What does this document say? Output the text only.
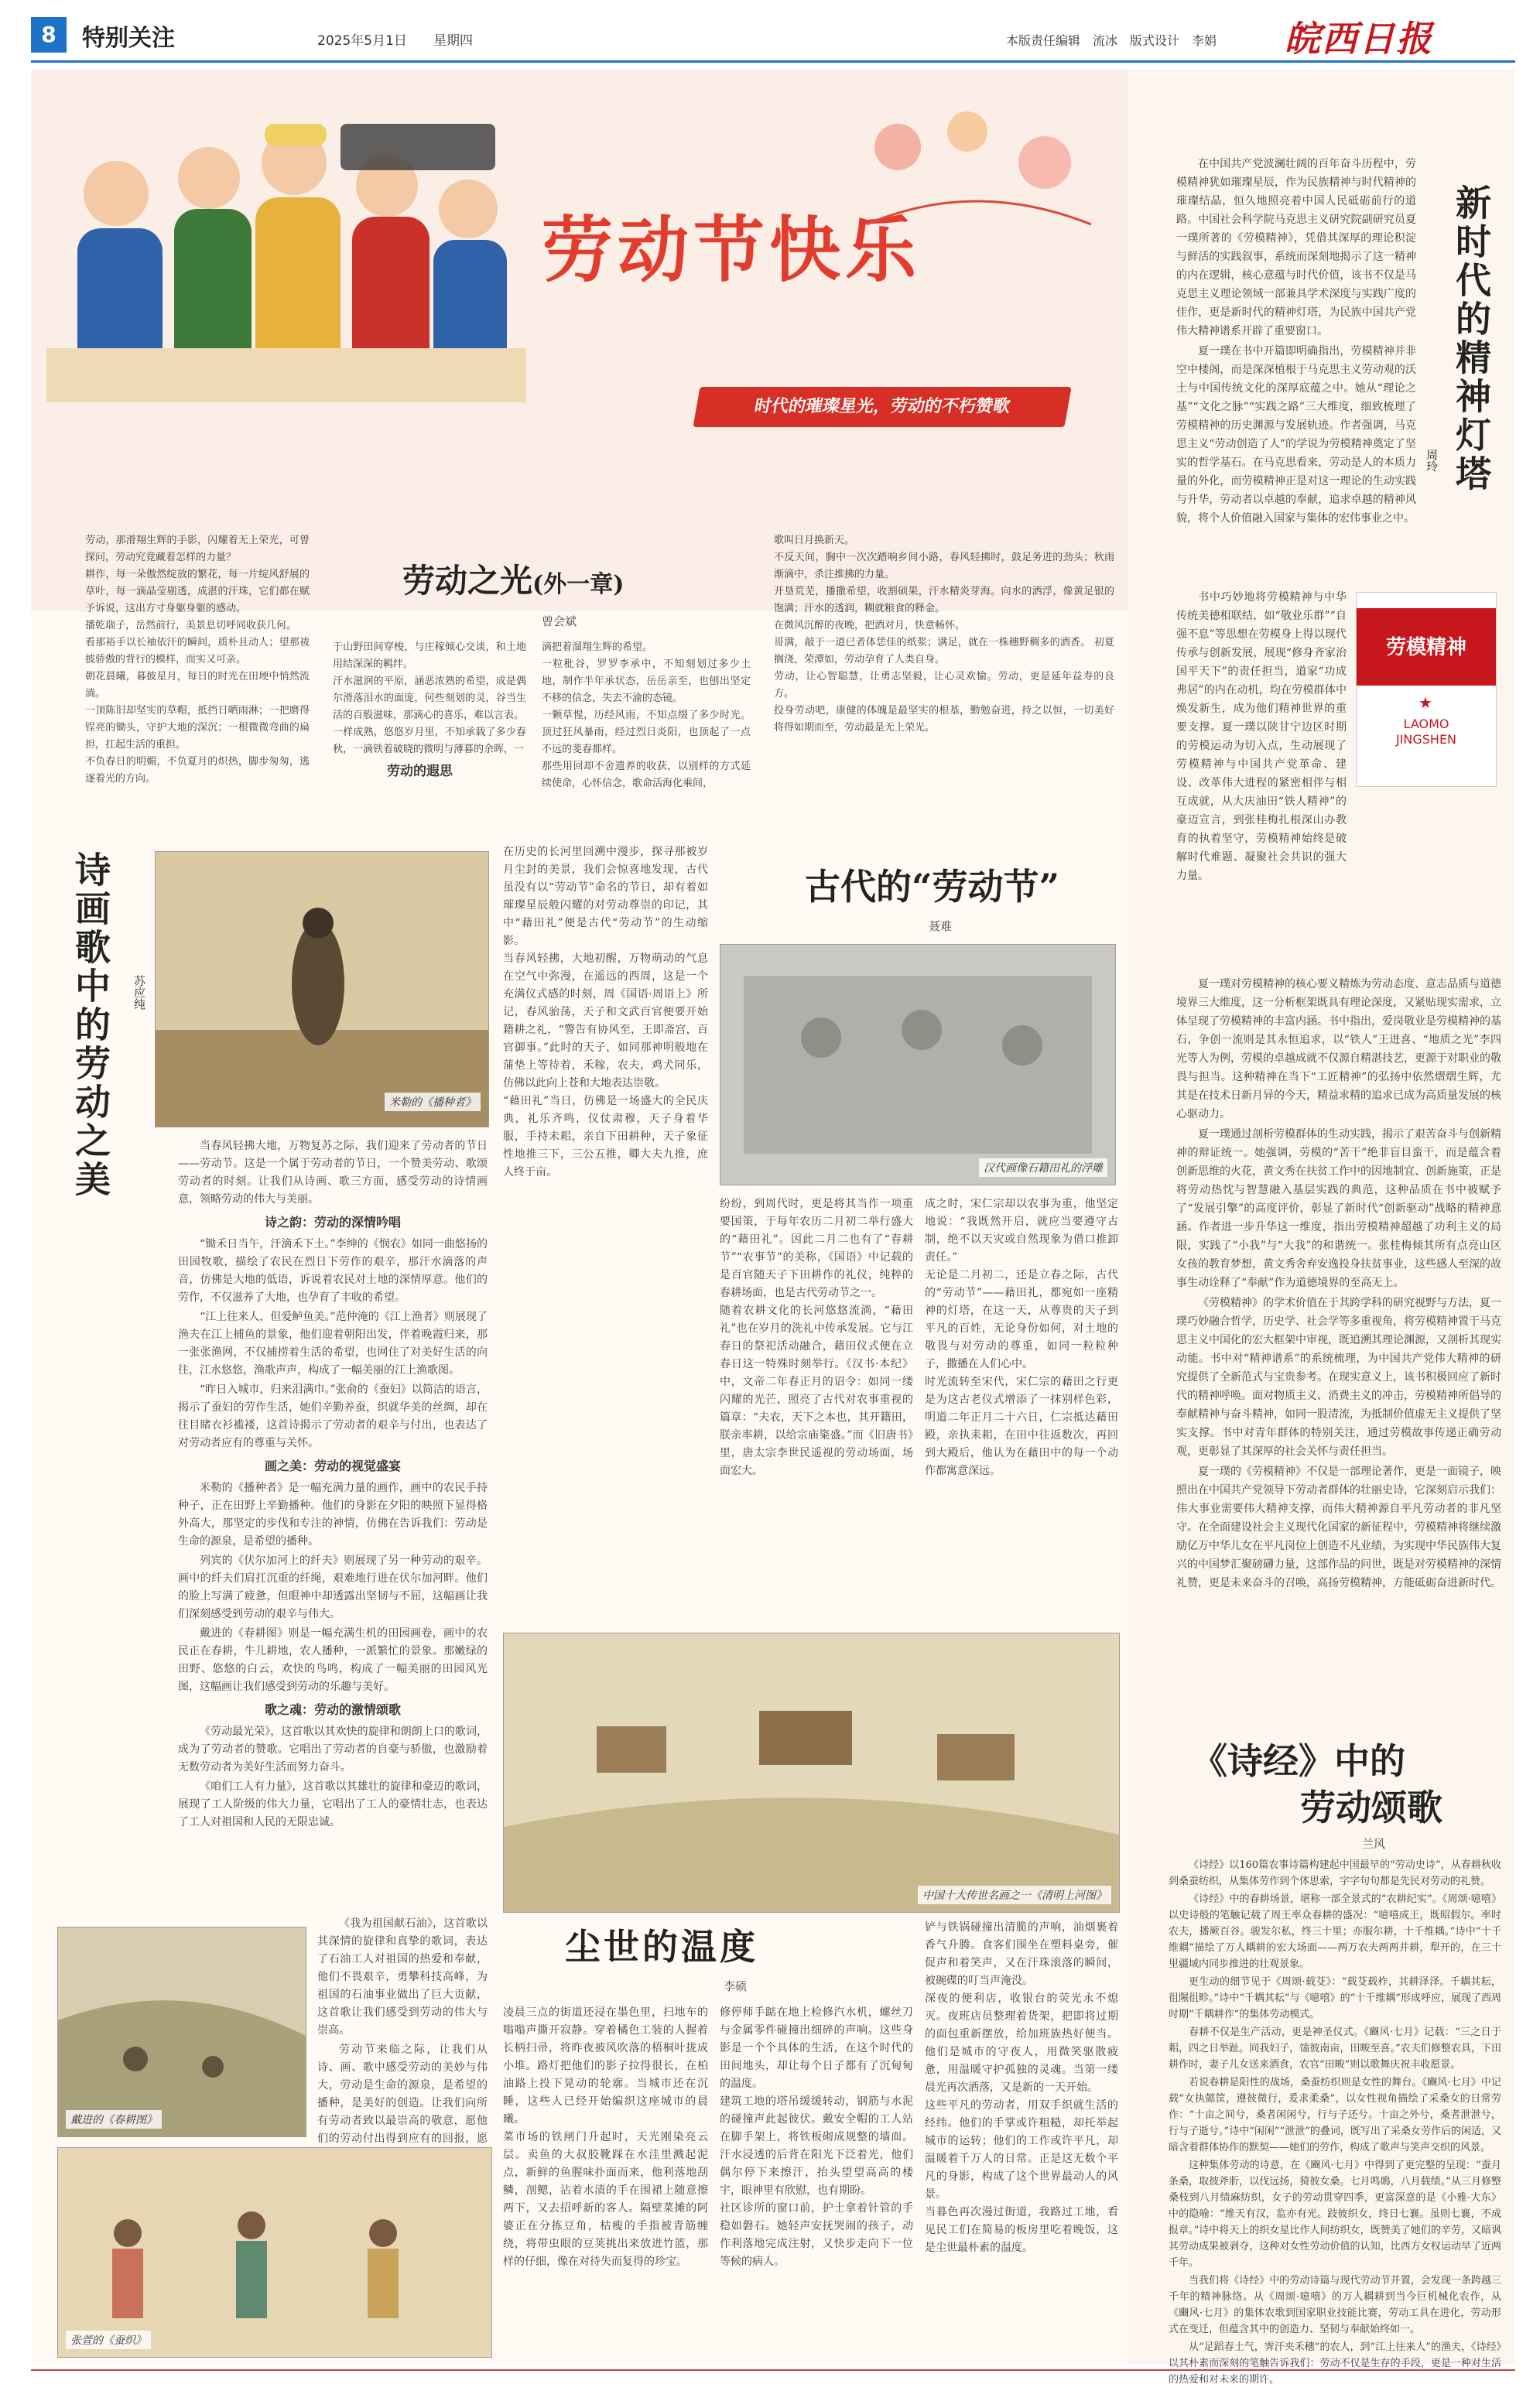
8	特别关注	2025年5月1日 星期四	本版责任编辑　流冰　版式设计　李娟 皖西日报
劳动节快乐
时代的璀璨星光，劳动的不朽赞歌
劳动之光(外一章)
曾会斌
劳动，那滑翔生辉的手影，闪耀着无上荣光，可曾探问，劳动究竟藏着怎样的力量？
耕作，每一朵傲然绽放的繁花，每一片绽风舒展的草叶，每一滴晶莹剔透，成湛的汗珠，它们都在赋予诉说，这出方寸身躯身躯的感动。
播乾瑞子，岳然前行，美景息切呼同收获几何。
看那裕手以长袖依汗的瞬间，质朴且动人；望那祓披骄傲的背行的模样，而实又可亲。
朝花晨曦，暮披星月，每日的时光在田埂中悄然流淌。
一顶陈旧却坚实的草帽，抵挡日晒雨淋；一把磨得锃亮的锄头，守护大地的深沉；一根微微弯曲的扁担，扛起生活的重担。
不负春日的明媚，不负夏月的炽热，脚步匆匆，逃逐着光的方向。
于山野田间穿梭，与庄稼倾心交谈，和土地用结深深的羁绊。
汗水滋润的平原，涵恶浓熟的希望，成是偶尔滑落泪水的面庞，何些刻划的灵，谷当生活的百般滋味，那滴心的喜乐，难以言表。
一样成熟，悠悠岁月里，不知承载了多少春秋，一滴铁着破晓的微明与薄暮的余晖，一
劳动的遐思
滴把着溜翔生辉的希望。
一粒秕谷，罗罗李承中，不知刻划过多少土地，制作半年承状态，岳岳亲至，也刨出坚定不移的信念，失去不渝的态镜。
一颗草惺，历经风雨，不知点缀了多少时光。顶过狂风暴雨，经过烈日炎阳，也顶起了一点不远的斐春都样。
那些用回却不舍遗养的收获，以别样的方式延续使命，心怀信念，歌命活海化乘间，
歌叫日月换新天。
不反天间，胸中一次次踏响乡间小路，春风轻拂时，鼓足务进的劲头；秋雨渐滴中，杀注推拂的力量。
开垦荒芜，播撒希望，收割硕果，汗水精炎芽海。向水的洒浮，像黄足银的饱满；汗水的透润，糊就粮食的释金。
在微风沉醉的夜晚，把酒对月，快意畅怀。
哥满，敲于一道已者体恁佳的纸浆；满足，就在一株穗野稠多的酒香。 初夏搁浇，荣潭如，劳动孕育了人类自身。
劳动，让心智聪慧，让勇志坚毅，让心灵欢愉。劳动，更是延年益寿的良方。
投身劳动吧，康健的体魄是最坚实的根基，勤勉奋进，持之以恒，一切美好将得如期而至，劳动最是无上荣光。
新时代的精神灯塔
周玲

在中国共产党波澜壮阔的百年奋斗历程中，劳模精神犹如璀璨星辰，作为民族精神与时代精神的璀璨结晶，恒久地照亮着中国人民砥砺前行的道路。中国社会科学院马克思主义研究院副研究员夏一璞所著的《劳模精神》，凭借其深厚的理论积淀与鲜活的实践叙事，系统而深刻地揭示了这一精神的内在逻辑，核心意蕴与时代价值，该书不仅是马克思主义理论领域一部兼具学术深度与实践广度的佳作，更是新时代的精神灯塔，为民族中国共产党伟大精神谱系开辟了重要窗口。

夏一璞在书中开篇即明确指出，劳模精神并非空中楼阁，而是深深植根于马克思主义劳动观的沃土与中国传统文化的深厚底蕴之中。她从“理论之基”“文化之脉”“实践之路”三大维度，细致梳理了劳模精神的历史渊源与发展轨迹。作者强调，马克思主义“劳动创造了人”的学说为劳模精神奠定了坚实的哲学基石。在马克思看来，劳动是人的本质力量的外化，而劳模精神正是对这一理论的生动实践与升华，劳动者以卓越的奉献，追求卓越的精神风貌，将个人价值融入国家与集体的宏伟事业之中。

书中巧妙地将劳模精神与中华传统美德相联结，如“敬业乐群”“自强不息”等思想在劳模身上得以现代传承与创新发展，展现“修身齐家治国平天下”的责任担当，道家“功成弗居”的内在动机，均在劳模群体中焕发新生，成为他们精神世界的重要支撑。夏一璞以陕甘宁边区时期的劳模运动为切入点，生动展现了劳模精神与中国共产党革命、建设、改革伟大进程的紧密相伴与相互成就，从大庆油田“铁人精神”的豪迈宣言，到张桂梅扎根深山办教育的执着坚守，劳模精神始终是破解时代难题、凝聚社会共识的强大力量。

劳模精神
LAOMO
JINGSHEN
★

夏一璞对劳模精神的核心要义精炼为劳动态度、意志品质与道德境界三大维度，这一分析框架既具有理论深度，又紧贴现实需求，立体呈现了劳模精神的丰富内涵。书中指出，爱岗敬业是劳模精神的基石，争创一流则是其永恒追求，以“铁人”王进喜、“地质之光”李四光等人为例，劳模的卓越成就不仅源自精湛技艺，更源于对职业的敬畏与担当。这种精神在当下“工匠精神”的弘扬中依然熠熠生辉，尤其是在技术日新月异的今天，精益求精的追求已成为高质量发展的核心驱动力。

夏一璞通过剖析劳模群体的生动实践，揭示了艰苦奋斗与创新精神的辩证统一。她强调，劳模的“苦干”绝非盲目蛮干，而是蕴含着创新思维的火花，黄文秀在扶贫工作中的因地制宜、创新施策，正是将劳动热忱与智慧融入基层实践的典范，这种品质在书中被赋予了“发展引擎”的高度评价，彰显了新时代“创新驱动”战略的精神意涵。作者进一步升华这一维度，指出劳模精神超越了功利主义的局限，实践了“小我”与“大我”的和谐统一。张桂梅倾其所有点亮山区女孩的教育梦想，黄文秀舍弃安逸投身扶贫事业，这些感人至深的故事生动诠释了“奉献”作为道德境界的至高无上。

《劳模精神》的学术价值在于其跨学科的研究视野与方法，夏一璞巧妙融合哲学，历史学、社会学等多重视角，将劳模精神置于马克思主义中国化的宏大框架中审视，既追溯其理论渊源，又剖析其现实动能。书中对“精神谱系”的系统梳理，为中国共产党伟大精神的研究提供了全新范式与宝贵参考。在现实意义上，该书积极回应了新时代的精神呼唤。面对物质主义、消费主义的冲击，劳模精神所倡导的奉献精神与奋斗精神，如同一股清流，为抵制价值虚无主义提供了坚实支撑。书中对青年群体的特别关注，通过劳模故事传递正确劳动观，更彰显了其深厚的社会关怀与责任担当。

夏一璞的《劳模精神》不仅是一部理论著作，更是一面镜子，映照出在中国共产党领导下劳动者群体的壮丽史诗，它深刻启示我们：伟大事业需要伟大精神支撑，而伟大精神源自平凡劳动者的非凡坚守。在全面建设社会主义现代化国家的新征程中，劳模精神将继续激励亿万中华儿女在平凡岗位上创造不凡业绩，为实现中华民族伟大复兴的中国梦汇聚磅礴力量，这部作品的问世，既是对劳模精神的深情礼赞，更是未来奋斗的召唤，高扬劳模精神，方能砥砺奋进新时代。

《诗经》中的
劳动颂歌
兰风

《诗经》以160篇农事诗篇构建起中国最早的“劳动史诗”，从春耕秋收到桑蚕纺织，从集体劳作到个体思索，字字句句都是先民对劳动的礼赞。

《诗经》中的春耕场景，堪称一部全景式的“农耕纪实”。《周颂·噫嘻》以史诗般的笔触记载了周王率众春耕的盛况：“噫嘻成王，既昭假尔。率时农夫，播厥百谷。骏发尔私，终三十里；亦服尔耕，十千维耦。”诗中“十千维耦”描绘了万人耦耕的宏大场面——两万农夫两两并耕，犁开的，在三十里疆域内同步推进的壮观景象。

更生动的细节见于《周颂·载芟》：“载芟载柞，其耕泽泽。千耦其耘，徂隰徂畛。”诗中“千耦其耘”与《噫嘻》的“十千维耦”形成呼应，展现了西周时期“千耦耕作”的集体劳动模式。

春耕不仅是生产活动，更是神圣仪式。《豳风·七月》记载：“三之日于耜，四之日举趾。同我妇子，馌彼南亩，田畯至喜。”农夫们修整农具，下田耕作时，妻子儿女送来酒食，农官“田畯”则以歌舞庆祝丰收愿景。

若说春耕是阳性的战场，桑蚕纺织则是女性的舞台。《豳风·七月》中记载“女执懿筐，遵彼微行，爰求柔桑”，以女性视角描绘了采桑女的日常劳作：“十亩之间兮，桑者闲闲兮，行与子还兮。十亩之外兮，桑者泄泄兮，行与子逝兮。”诗中“闲闲”“泄泄”的叠词，既写出了采桑女劳作后的闲适，又暗含着群体协作的默契——她们的劳作，构成了歌声与笑声交织的风景。

这种集体劳动的诗意，在《豳风·七月》中得到了更完整的呈现：“蚕月条桑，取彼斧斨，以伐远扬，猗彼女桑。七月鸣鵙，八月载绩。”从三月修整桑枝到八月绩麻纺织，女子的劳动贯穿四季，更富深意的是《小雅·大东》中的隐喻：“维天有汉，监亦有光。跂彼织女，终日七襄。虽则七襄，不成报章。”诗中将天上的织女星比作人间纺织女，既赞美了她们的辛劳，又暗讽其劳动成果被剥夺，这种对女性劳动价值的认知，比西方女权运动早了近两千年。

当我们将《诗经》中的劳动诗篇与现代劳动节并置，会发现一条跨越三千年的精神脉络。从《周颂·噫嘻》的万人耦耕到当今巨机械化农作，从《豳风·七月》的集体农歌到国家职业技能比赛，劳动工具在进化，劳动形式在变迁，但蕴含其中的创造力、坚韧与奉献始终如一。

从“足蹈春土气，霁汗夹禾穗”的农人，到“江上往来人”的渔夫，《诗经》以其朴素而深刻的笔触告诉我们：劳动不仅是生存的手段，更是一种对生活的热爱和对未来的期许。

诗画歌中的劳动之美	苏应纯
米勒的《播种者》

当春风轻拂大地，万物复苏之际，我们迎来了劳动者的节日——劳动节。这是一个属于劳动者的节日，一个赞美劳动、歌颂劳动者的时刻。让我们从诗画、歌三方面，感受劳动的诗情画意，领略劳动的伟大与美丽。

诗之韵：劳动的深情吟唱

“锄禾日当午，汗滴禾下土。”李绅的《悯农》如同一曲悠扬的田园牧歌，描绘了农民在烈日下劳作的艰辛，那汗水滴落的声音，仿佛是大地的低语，诉说着农民对土地的深情厚意。他们的劳作，不仅滋养了大地，也孕育了丰收的希望。

“江上往来人，但爱鲈鱼美。”范仲淹的《江上渔者》则展现了渔夫在江上捕鱼的景象，他们迎着朝阳出发，伴着晚霞归来，那一张张渔网，不仅捕捞着生活的希望，也网住了对美好生活的向往，江水悠悠，渔歌声声，构成了一幅美丽的江上渔歌图。

“昨日入城市，归来泪满巾。”张俞的《蚕妇》以简洁的语言，揭示了蚕妇的劳作生活，她们辛勤养蚕，织就华美的丝绸，却在往目睹衣衫褴褛，这首诗揭示了劳动者的艰辛与付出，也表达了对劳动者应有的尊重与关怀。

画之美：劳动的视觉盛宴

米勒的《播种者》是一幅充满力量的画作，画中的农民手持种子，正在田野上辛勤播种。他们的身影在夕阳的映照下显得格外高大，那坚定的步伐和专注的神情，仿佛在告诉我们：劳动是生命的源泉，是希望的播种。

列宾的《伏尔加河上的纤夫》则展现了另一种劳动的艰辛。画中的纤夫们肩扛沉重的纤绳，艰难地行进在伏尔加河畔。他们的脸上写满了疲惫，但眼神中却透露出坚韧与不屈，这幅画让我们深刻感受到劳动的艰辛与伟大。

戴进的《春耕图》则是一幅充满生机的田园画卷，画中的农民正在春耕，牛儿耕地，农人播种，一派繁忙的景象。那嫩绿的田野、悠悠的白云，欢快的鸟鸣，构成了一幅美丽的田园风光图，这幅画让我们感受到劳动的乐趣与美好。

歌之魂：劳动的激情颂歌

《劳动最光荣》，这首歌以其欢快的旋律和朗朗上口的歌词，成为了劳动者的赞歌。它唱出了劳动者的自豪与骄傲，也激励着无数劳动者为美好生活而努力奋斗。

《咱们工人有力量》，这首歌以其雄壮的旋律和豪迈的歌词，展现了工人阶级的伟大力量，它唱出了工人的豪情壮志，也表达了工人对祖国和人民的无限忠诚。

戴进的《春耕图》

《我为祖国献石油》，这首歌以其深情的旋律和真挚的歌词，表达了石油工人对祖国的热爱和奉献，他们不畏艰辛，勇攀科技高峰，为祖国的石油事业做出了巨大贡献，这首歌让我们感受到劳动的伟大与崇高。

劳动节来临之际，让我们从诗、画、歌中感受劳动的美妙与伟大，劳动是生命的源泉，是希望的播种，是美好的创造。让我们向所有劳动者致以最崇高的敬意，愿他们的劳动付出得到应有的回报，愿

张萱的《蚕织》
古代的“劳动节”
聂难
在历史的长河里回溯中漫步，探寻那被岁月尘封的美景，我们会惊喜地发现，古代虽没有以“劳动节”命名的节日，却有着如璀璨星辰般闪耀的对劳动尊崇的印记，其中“藉田礼”便是古代“劳动节”的生动缩影。
当春风轻拂，大地初醒，万物萌动的气息在空气中弥漫，在遥远的西周，这是一个充满仪式感的时刻，周《国语·周语上》所记，春风骀荡，天子和文武百官便要开始籍耕之礼，“警告有协风至，王即斋宫，百官御事。”此时的天子，如同那神明般地在蒲垫上等待着，禾稼，农夫，鸡犬同乐，仿佛以此向上苍和大地表达崇敬。
“藉田礼”当日，仿佛是一场盛大的全民庆典，礼乐齐鸣，仪仗肃穆，天子身着华服，手持未耜，亲自下田耕种，天子象征性地推三下，三公五推，卿大夫九推，庶人终于亩。	汉代画像石籍田礼的浮雕
纷纷，到周代时，更是将其当作一项重要国策，于每年农历二月初二举行盛大的“藉田礼”。因此二月二也有了“春耕节”“农事节”的美称，《国语》中记载的是百官随天子下田耕作的礼仪，纯粹的春耕场面，也是古代劳动节之一。
随着农耕文化的长河悠悠流淌，“藉田礼”也在岁月的洗礼中传承发展。它与江春日的祭祀活动融合，藉田仪式便在立春日这一特殊时刻举行。《汉书·本纪》中，文帝二年春正月的诏令：如同一缕闪耀的光芒，照亮了古代对农事重视的篇章：“夫农，天下之本也，其开籍田，朕亲率耕，以给宗庙粢盛。”而《旧唐书》里，唐太宗李世民遥视的劳动场面，场面宏大。
成之时，宋仁宗却以农事为重，他坚定地说：“我既然开启，就应当要遵守古制，绝不以天灾或自然现象为借口推卸责任。”
无论是二月初二，还是立春之际，古代的“劳动节”——藉田礼，都宛如一座精神的灯塔，在这一天，从尊贵的天子到平凡的百姓，无论身份如何，对土地的敬畏与对劳动的尊重，如同一粒粒种子，撒播在人们心中。
时光流转至宋代，宋仁宗的藉田之行更是为这古老仪式增添了一抹别样色彩，明道二年正月二十六日，仁宗抵达藉田殿，亲执耒耜，在田中往返数次，再回到大殿后，他认为在藉田中的每一个动作都寓意深远。
中国十大传世名画之一《清明上河图》
尘世的温度
李硕
凌晨三点的街道还浸在墨色里，扫地车的嗡嗡声撕开寂静。穿着橘色工装的人握着长柄扫帚，将昨夜被风吹落的梧桐叶拢成小堆。路灯把他们的影子拉得很长，在柏油路上投下晃动的轮廓。当城市还在沉睡，这些人已经开始编织这座城市的晨曦。
菜市场的铁闸门升起时，天光刚染亮云层。卖鱼的大叔胶靴踩在水洼里溅起泥点，新鲜的鱼腥味扑面而来，他利落地刮鳞，剖鳃，沾着水渍的手在围裙上随意擦两下，又去招呼新的客人。隔壁菜摊的阿婆正在分拣豆角，枯瘦的手指被青筋缠绕，将带虫眼的豆荚挑出来放进竹篮，那样的仔细，像在对待失而复得的珍宝。
修停师手踮在地上检修汽水机，螺丝刀与金属零件碰撞出细碎的声响。这些身影是一个个具体的生活，在这个时代的田间地头，却让每个日子都有了沉甸甸的温度。
建筑工地的塔吊缓缓转动，钢筋与水泥的碰撞声此起彼伏。戴安全帽的工人站在脚手架上，将铁板砌成规整的墙面。汗水浸透的后背在阳光下泛着光，他们偶尔停下来擦汗，抬头望望高高的楼宇，眼神里有欣慰，也有期盼。
社区诊所的窗口前，护士拿着针管的手稳如磐石。她轻声安抚哭闹的孩子，动作利落地完成注射，又快步走向下一位等候的病人。
铲与铁锅碰撞出清脆的声响，油烟裹着香气升腾。食客们围坐在塑料桌旁，催促声和着笑声，又在汗珠滚落的瞬间，被碗碟的叮当声淹没。
深夜的便利店，收银台的荧光永不熄灭。夜班店员整理着货架，把即将过期的面包重新摆放，给加班族热好便当。他们是城市的守夜人，用微笑驱散疲惫，用温暖守护孤独的灵魂。当第一缕晨光再次洒落，又是新的一天开始。
这些平凡的劳动者，用双手织就生活的经纬。他们的手掌或许粗糙，却托举起城市的运转；他们的工作或许平凡，却温暖着千万人的日常。正是这无数个平凡的身影，构成了这个世界最动人的风景。
当暮色再次漫过街道，我路过工地，看见民工们在简易的板房里吃着晚饭，这是尘世最朴素的温度。
